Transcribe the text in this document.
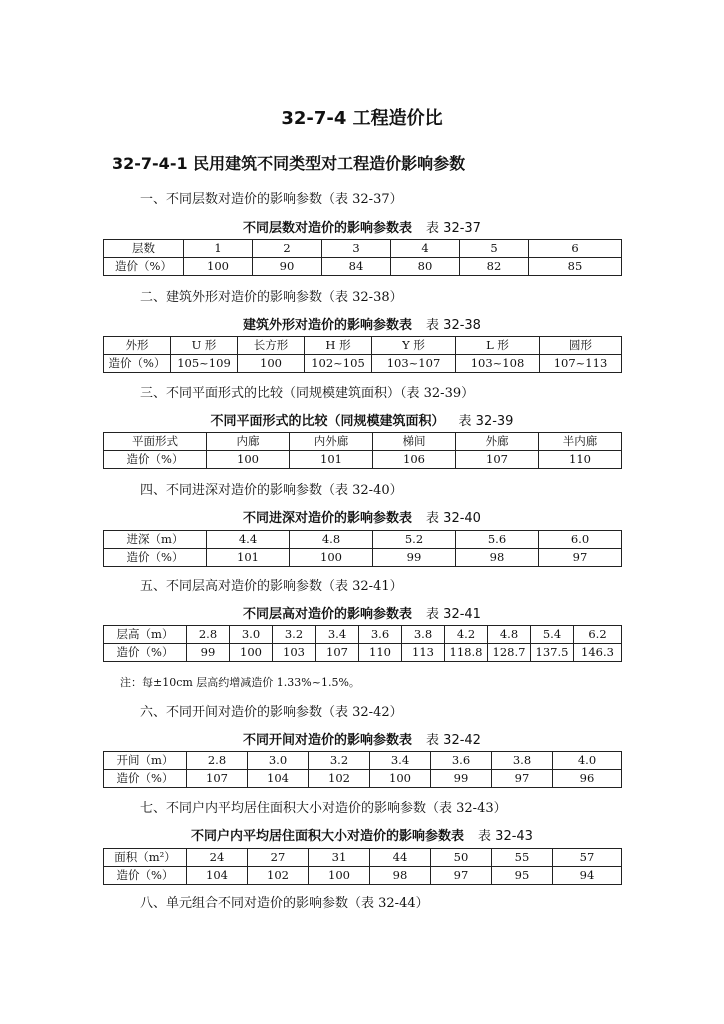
32-7-4 工程造价比
32-7-4-1 民用建筑不同类型对工程造价影响参数
一、不同层数对造价的影响参数（表 32-37）
不同层数对造价的影响参数表 表 32-37
层数	1	2	3	4	5	6
造价（%）	100	90	84	80	82	85
二、建筑外形对造价的影响参数（表 32-38）
建筑外形对造价的影响参数表 表 32-38
外形	U 形	长方形	H 形	Y 形	L 形	圆形
造价（%）	105~109	100	102~105	103~107	103~108	107~113
三、不同平面形式的比较（同规模建筑面积）（表 32-39）
不同平面形式的比较（同规模建筑面积） 表 32-39
平面形式	内廊	内外廊	梯间	外廊	半内廊
造价（%）	100	101	106	107	110
四、不同进深对造价的影响参数（表 32-40）
不同进深对造价的影响参数表 表 32-40
进深（m）	4.4	4.8	5.2	5.6	6.0
造价（%）	101	100	99	98	97
五、不同层高对造价的影响参数（表 32-41）
不同层高对造价的影响参数表 表 32-41
层高（m）	2.8	3.0	3.2	3.4	3.6	3.8	4.2	4.8	5.4	6.2
造价（%）	99	100	103	107	110	113	118.8	128.7	137.5	146.3
注：每±10cm 层高约增减造价 1.33%~1.5%。
六、不同开间对造价的影响参数（表 32-42）
不同开间对造价的影响参数表 表 32-42
开间（m）	2.8	3.0	3.2	3.4	3.6	3.8	4.0
造价（%）	107	104	102	100	99	97	96
七、不同户内平均居住面积大小对造价的影响参数（表 32-43）
不同户内平均居住面积大小对造价的影响参数表 表 32-43
面积（m²）	24	27	31	44	50	55	57
造价（%）	104	102	100	98	97	95	94
八、单元组合不同对造价的影响参数（表 32-44）
